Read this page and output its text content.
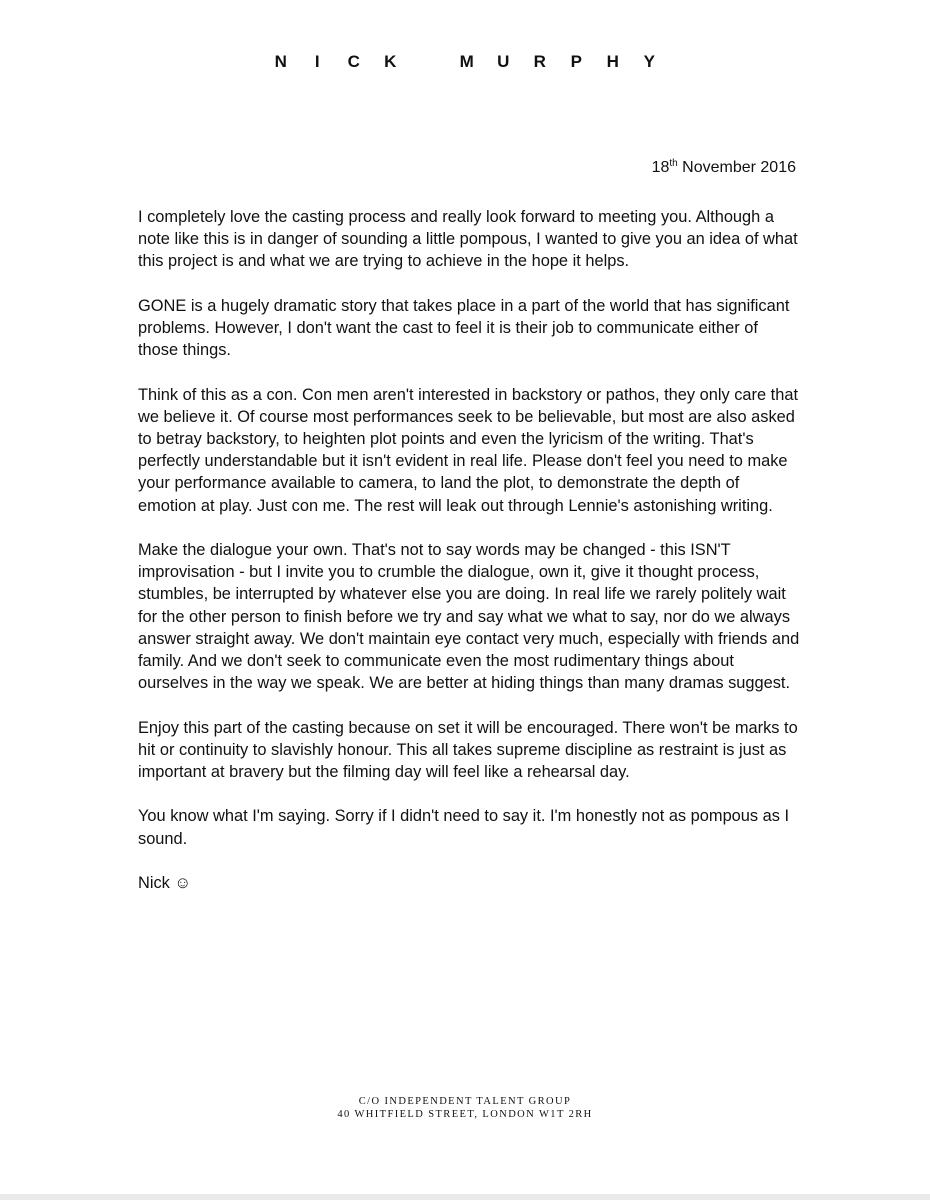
N I C K	M U R P H Y
18th November 2016

I completely love the casting process and really look forward to meeting you. Although a note like this is in danger of sounding a little pompous, I wanted to give you an idea of what this project is and what we are trying to achieve in the hope it helps.

GONE is a hugely dramatic story that takes place in a part of the world that has significant problems. However, I don't want the cast to feel it is their job to communicate either of those things.

Think of this as a con. Con men aren't interested in backstory or pathos, they only care that we believe it. Of course most performances seek to be believable, but most are also asked to betray backstory, to heighten plot points and even the lyricism of the writing. That's perfectly understandable but it isn't evident in real life. Please don't feel you need to make your performance available to camera, to land the plot, to demonstrate the depth of emotion at play. Just con me. The rest will leak out through Lennie's astonishing writing.

Make the dialogue your own. That's not to say words may be changed - this ISN'T improvisation - but I invite you to crumble the dialogue, own it, give it thought process, stumbles, be interrupted by whatever else you are doing. In real life we rarely politely wait for the other person to finish before we try and say what we what to say, nor do we always answer straight away. We don't maintain eye contact very much, especially with friends and family. And we don't seek to communicate even the most rudimentary things about ourselves in the way we speak. We are better at hiding things than many dramas suggest.

Enjoy this part of the casting because on set it will be encouraged. There won't be marks to hit or continuity to slavishly honour. This all takes supreme discipline as restraint is just as important at bravery but the filming day will feel like a rehearsal day.

You know what I'm saying. Sorry if I didn't need to say it. I'm honestly not as pompous as I sound.

Nick ☺

C/O INDEPENDENT TALENT GROUP
40 WHITFIELD STREET, LONDON W1T 2RH
